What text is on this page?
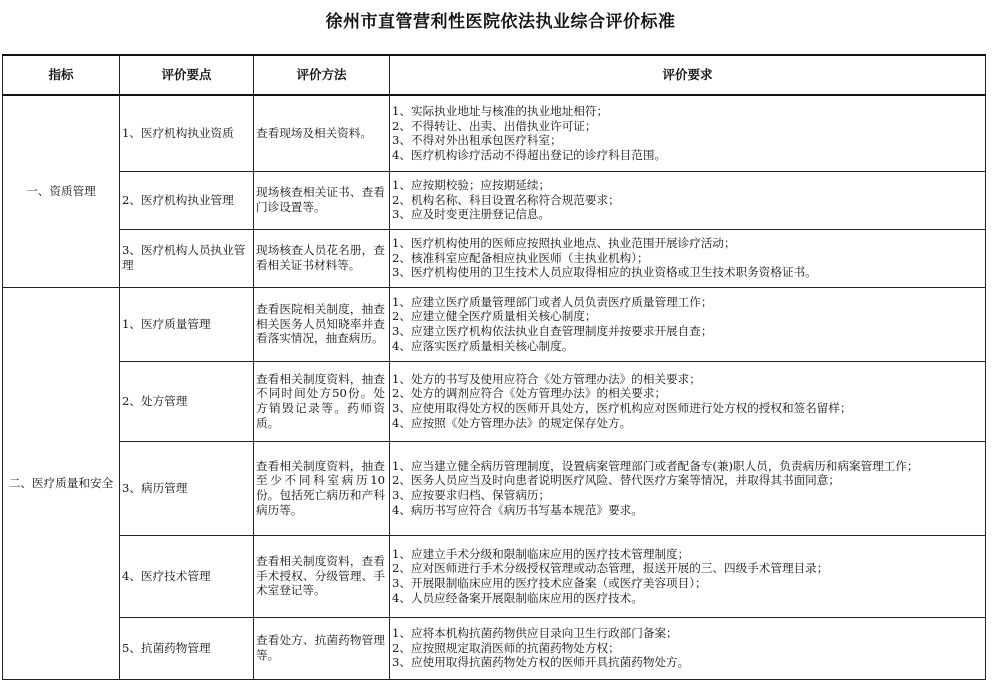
徐州市直管营利性医院依法执业综合评价标准
指标	评价要点	评价方法	评价要求
一、资质管理	1、医疗机构执业资质	查看现场及相关资料。	1、实际执业地址与核准的执业地址相符；
2、不得转让、出卖、出借执业许可证；
3、不得对外出租承包医疗科室；
4、医疗机构诊疗活动不得超出登记的诊疗科目范围。

	2、医疗机构执业管理	现场核查相关证书、查看门诊设置等。	1、应按期校验；应按期延续；
2、机构名称、科目设置名称符合规范要求；
3、应及时变更注册登记信息。

	3、医疗机构人员执业管理	现场核查人员花名册，查看相关证书材料等。	1、医疗机构使用的医师应按照执业地点、执业范围开展诊疗活动；
2、核准科室应配备相应执业医师（主执业机构）；
3、医疗机构使用的卫生技术人员应取得相应的执业资格或卫生技术职务资格证书。

二、医疗质量和安全	1、医疗质量管理	查看医院相关制度，抽查相关医务人员知晓率并查看落实情况，抽查病历。	1、应建立医疗质量管理部门或者人员负责医疗质量管理工作；
2、应建立健全医疗质量相关核心制度；
3、应建立医疗机构依法执业自查管理制度并按要求开展自查；
4、应落实医疗质量相关核心制度。

	2、处方管理	查看相关制度资料，抽查不同时间处方50份。处方销毁记录等。药师资质。	1、处方的书写及使用应符合《处方管理办法》的相关要求；
2、处方的调剂应符合《处方管理办法》的相关要求；
3、应使用取得处方权的医师开具处方，医疗机构应对医师进行处方权的授权和签名留样；
4、应按照《处方管理办法》的规定保存处方。

	3、病历管理	查看相关制度资料，抽查至少不同科室病历10份。包括死亡病历和产科病历等。	1、应当建立健全病历管理制度，设置病案管理部门或者配备专(兼)职人员，负责病历和病案管理工作；
2、医务人员应当及时向患者说明医疗风险、替代医疗方案等情况，并取得其书面同意；
3、应按要求归档、保管病历；
4、病历书写应符合《病历书写基本规范》要求。

	4、医疗技术管理	查看相关制度资料，查看手术授权、分级管理、手术室登记等。	1、应建立手术分级和限制临床应用的医疗技术管理制度；
2、应对医师进行手术分级授权管理或动态管理，报送开展的三、四级手术管理目录；
3、开展限制临床应用的医疗技术应备案（或医疗美容项目）；
4、人员应经备案开展限制临床应用的医疗技术。

	5、抗菌药物管理	查看处方、抗菌药物管理等。	1、应将本机构抗菌药物供应目录向卫生行政部门备案；
2、应按照规定取消医师的抗菌药物处方权；
3、应使用取得抗菌药物处方权的医师开具抗菌药物处方。
